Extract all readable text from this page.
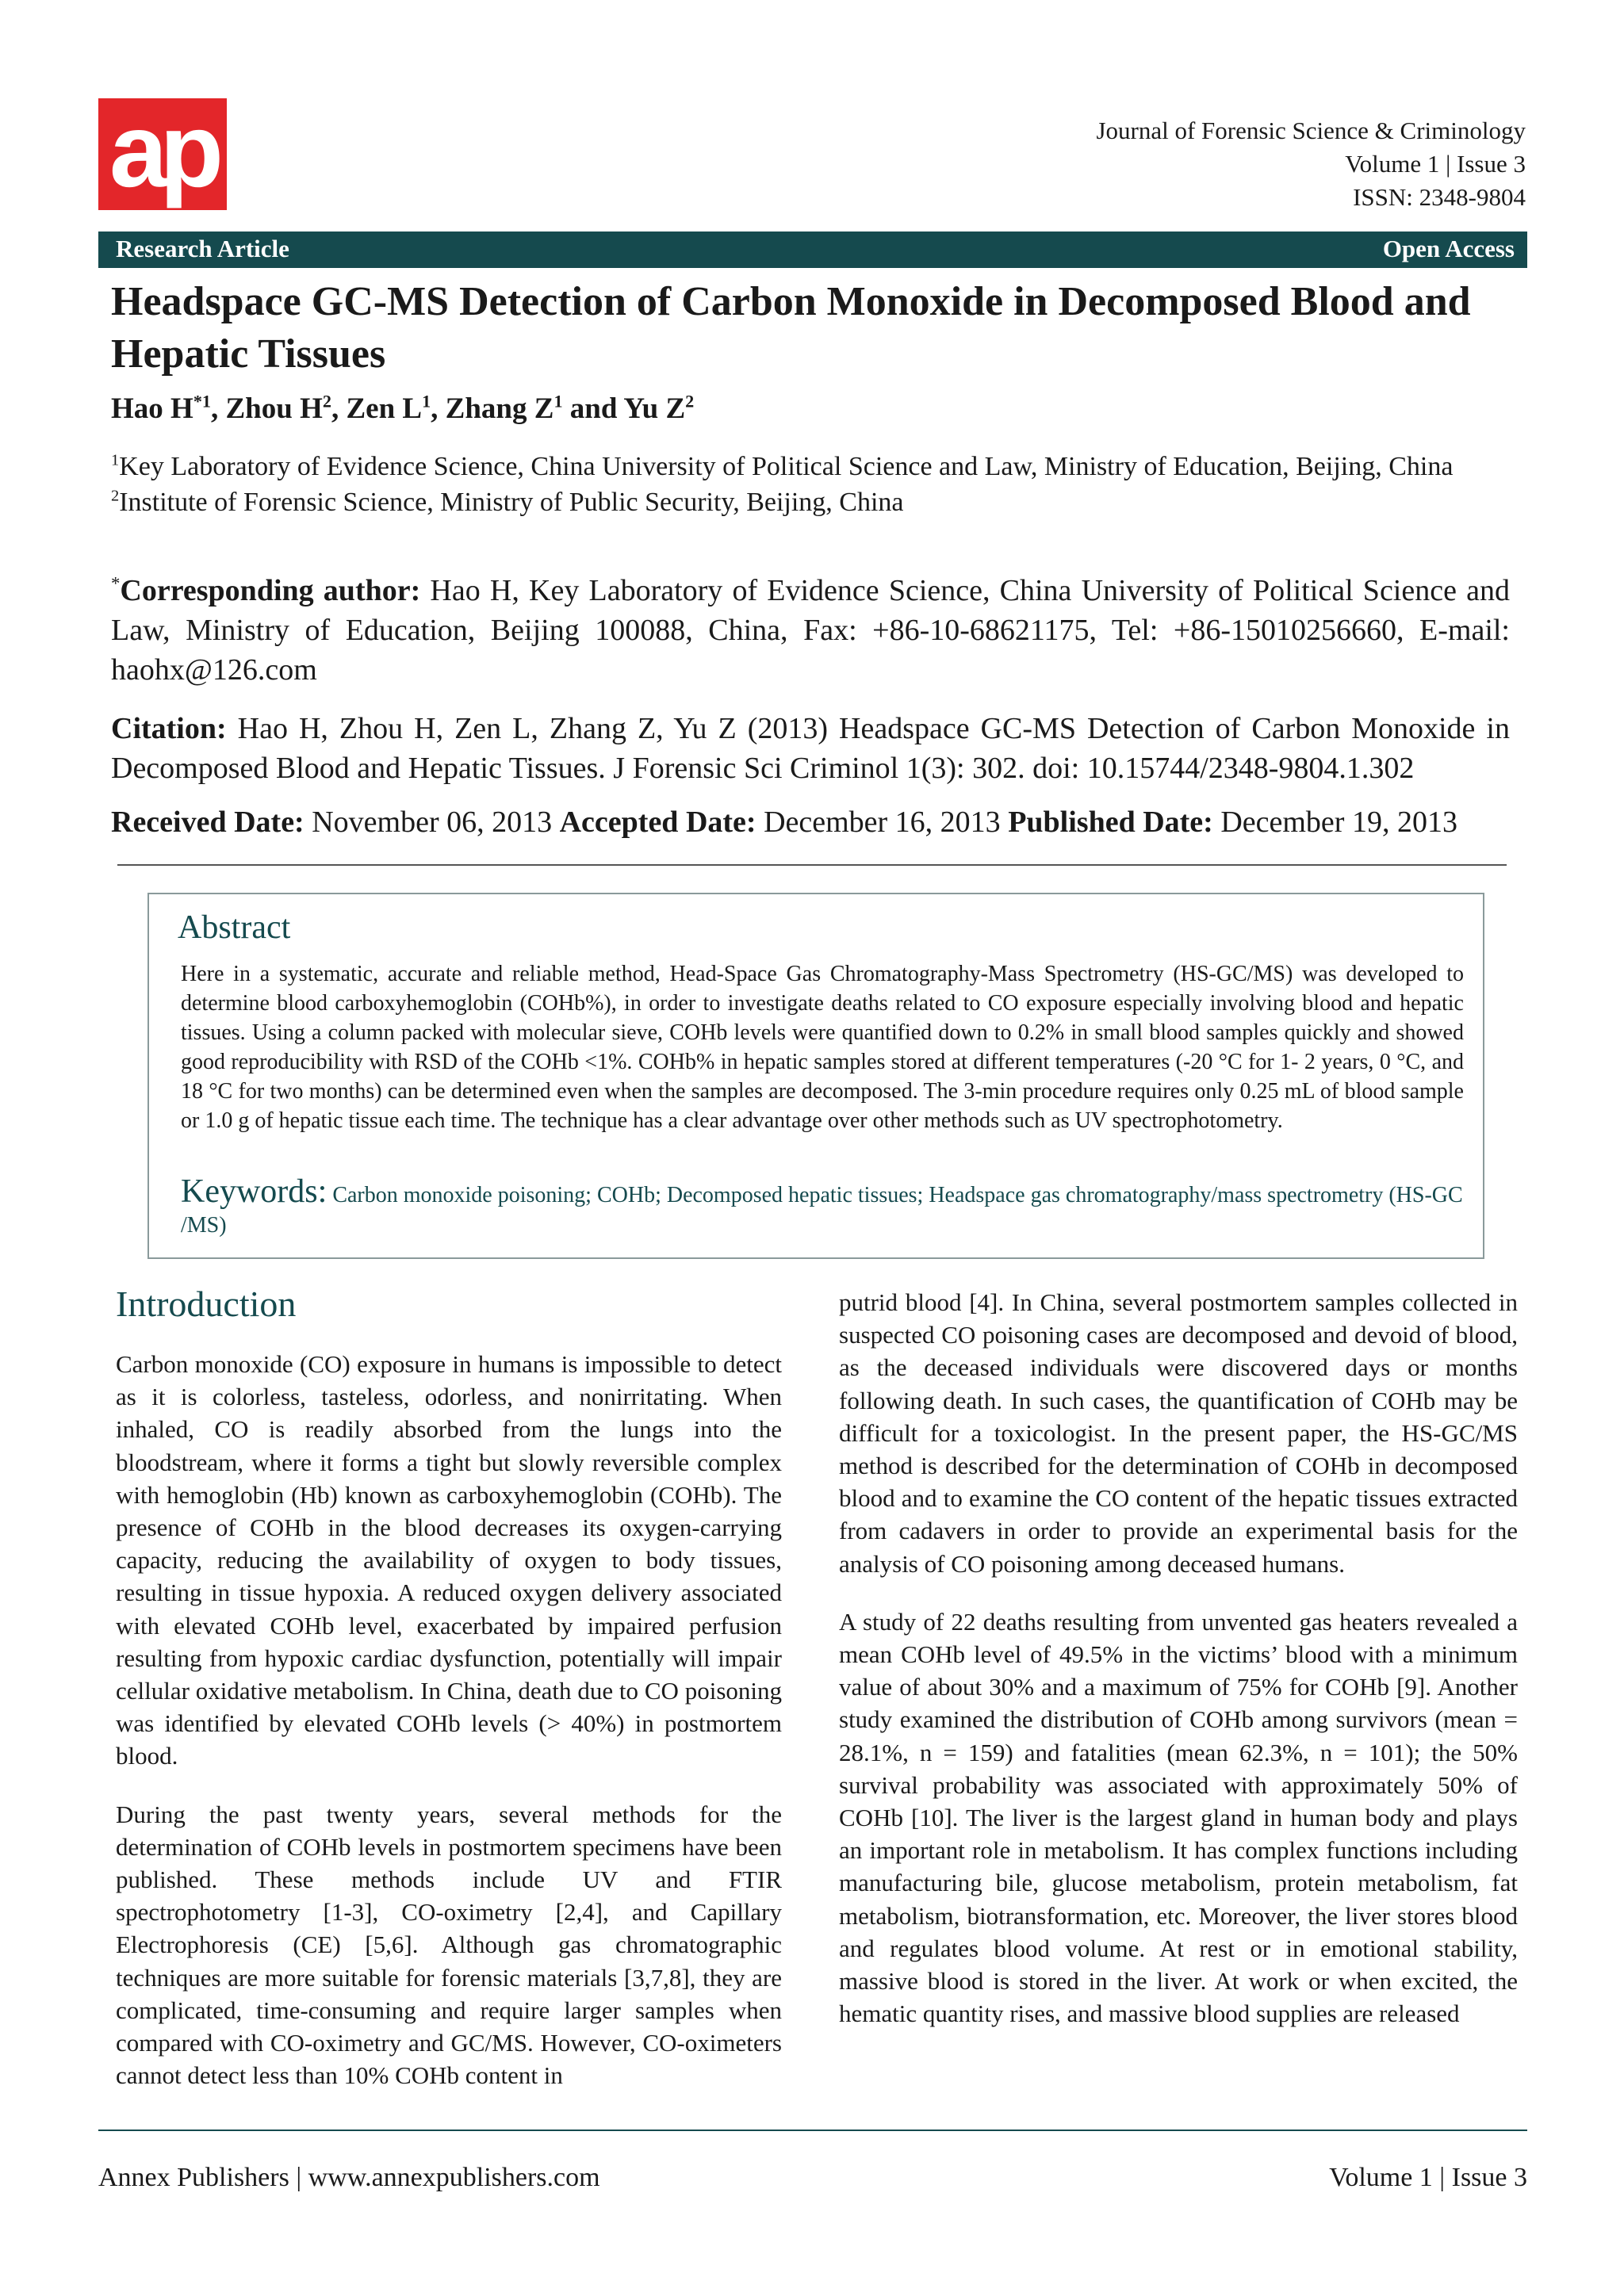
ap	Journal of Forensic Science & Criminology
Volume 1 | Issue 3
ISSN: 2348-9804
Research Article	Open Access
Headspace GC-MS Detection of Carbon Monoxide in Decomposed Blood and Hepatic Tissues
Hao $H^{*1}$, Zhou $H^2$, Zen $L^1$, Zhang $Z^1$ and Yu $Z^2$

$^1$Key Laboratory of Evidence Science, China University of Political Science and Law, Ministry of Education, Beijing, China

$^2$Institute of Forensic Science, Ministry of Public Security, Beijing, China

*Corresponding author: Hao H, Key Laboratory of Evidence Science, China University of Political Science and Law, Ministry of Education, Beijing 100088, China, Fax: +86-10-68621175, Tel: +86-15010256660, E-mail: haohx@126.com
Citation: Hao H, Zhou H, Zen L, Zhang Z, Yu Z (2013) Headspace GC-MS Detection of Carbon Monoxide in Decomposed Blood and Hepatic Tissues. J Forensic Sci Criminol 1(3): 302. doi: 10.15744/2348-9804.1.302
Received Date: November 06, 2013 Accepted Date: December 16, 2013 Published Date: December 19, 2013
Abstract
Here in a systematic, accurate and reliable method, Head-Space Gas Chromatography-Mass Spectrometry (HS-GC/MS) was developed to determine blood carboxyhemoglobin (COHb%), in order to investigate deaths related to CO exposure especially involving blood and hepatic tissues. Using a column packed with molecular sieve, COHb levels were quantified down to 0.2% in small blood samples quickly and showed good reproducibility with RSD of the COHb <1%. COHb% in hepatic samples stored at different temperatures (-20 °C for 1- 2 years, 0 °C, and 18 °C for two months) can be determined even when the samples are decomposed. The 3-min procedure requires only 0.25 mL of blood sample or 1.0 g of hepatic tissue each time. The technique has a clear advantage over other methods such as UV spectrophotometry.
Keywords: Carbon monoxide poisoning; COHb; Decomposed hepatic tissues; Headspace gas chromatography/mass spectrometry (HS-GC /MS)
Introduction

Carbon monoxide (CO) exposure in humans is impossible to detect as it is colorless, tasteless, odorless, and nonirritating. When inhaled, CO is readily absorbed from the lungs into the bloodstream, where it forms a tight but slowly reversible complex with hemoglobin (Hb) known as carboxyhemoglobin (COHb). The presence of COHb in the blood decreases its oxygen-carrying capacity, reducing the availability of oxygen to body tissues, resulting in tissue hypoxia. A reduced oxygen delivery associated with elevated COHb level, exacerbated by impaired perfusion resulting from hypoxic cardiac dysfunction, potentially will impair cellular oxidative metabolism. In China, death due to CO poisoning was identified by elevated COHb levels (> 40%) in postmortem blood.

During the past twenty years, several methods for the determination of COHb levels in postmortem specimens have been published. These methods include UV and FTIR spectrophotometry [1-3], CO-oximetry [2,4], and Capillary Electrophoresis (CE) [5,6]. Although gas chromatographic techniques are more suitable for forensic materials [3,7,8], they are complicated, time-consuming and require larger samples when compared with CO-oximetry and GC/MS. However, CO-oximeters cannot detect less than 10% COHb content in

putrid blood [4]. In China, several postmortem samples collected in suspected CO poisoning cases are decomposed and devoid of blood, as the deceased individuals were discovered days or months following death. In such cases, the quantification of COHb may be difficult for a toxicologist. In the present paper, the HS-GC/MS method is described for the determination of COHb in decomposed blood and to examine the CO content of the hepatic tissues extracted from cadavers in order to provide an experimental basis for the analysis of CO poisoning among deceased humans.

A study of 22 deaths resulting from unvented gas heaters revealed a mean COHb level of 49.5% in the victims’ blood with a minimum value of about 30% and a maximum of 75% for COHb [9]. Another study examined the distribution of COHb among survivors (mean = 28.1%, n = 159) and fatalities (mean 62.3%, n = 101); the 50% survival probability was associated with approximately 50% of COHb [10]. The liver is the largest gland in human body and plays an important role in metabolism. It has complex functions including manufacturing bile, glucose metabolism, protein metabolism, fat metabolism, biotransformation, etc. Moreover, the liver stores blood and regulates blood volume. At rest or in emotional stability, massive blood is stored in the liver. At work or when excited, the hematic quantity rises, and massive blood supplies are released

Annex Publishers | www.annexpublishers.com	Volume 1 | Issue 3
